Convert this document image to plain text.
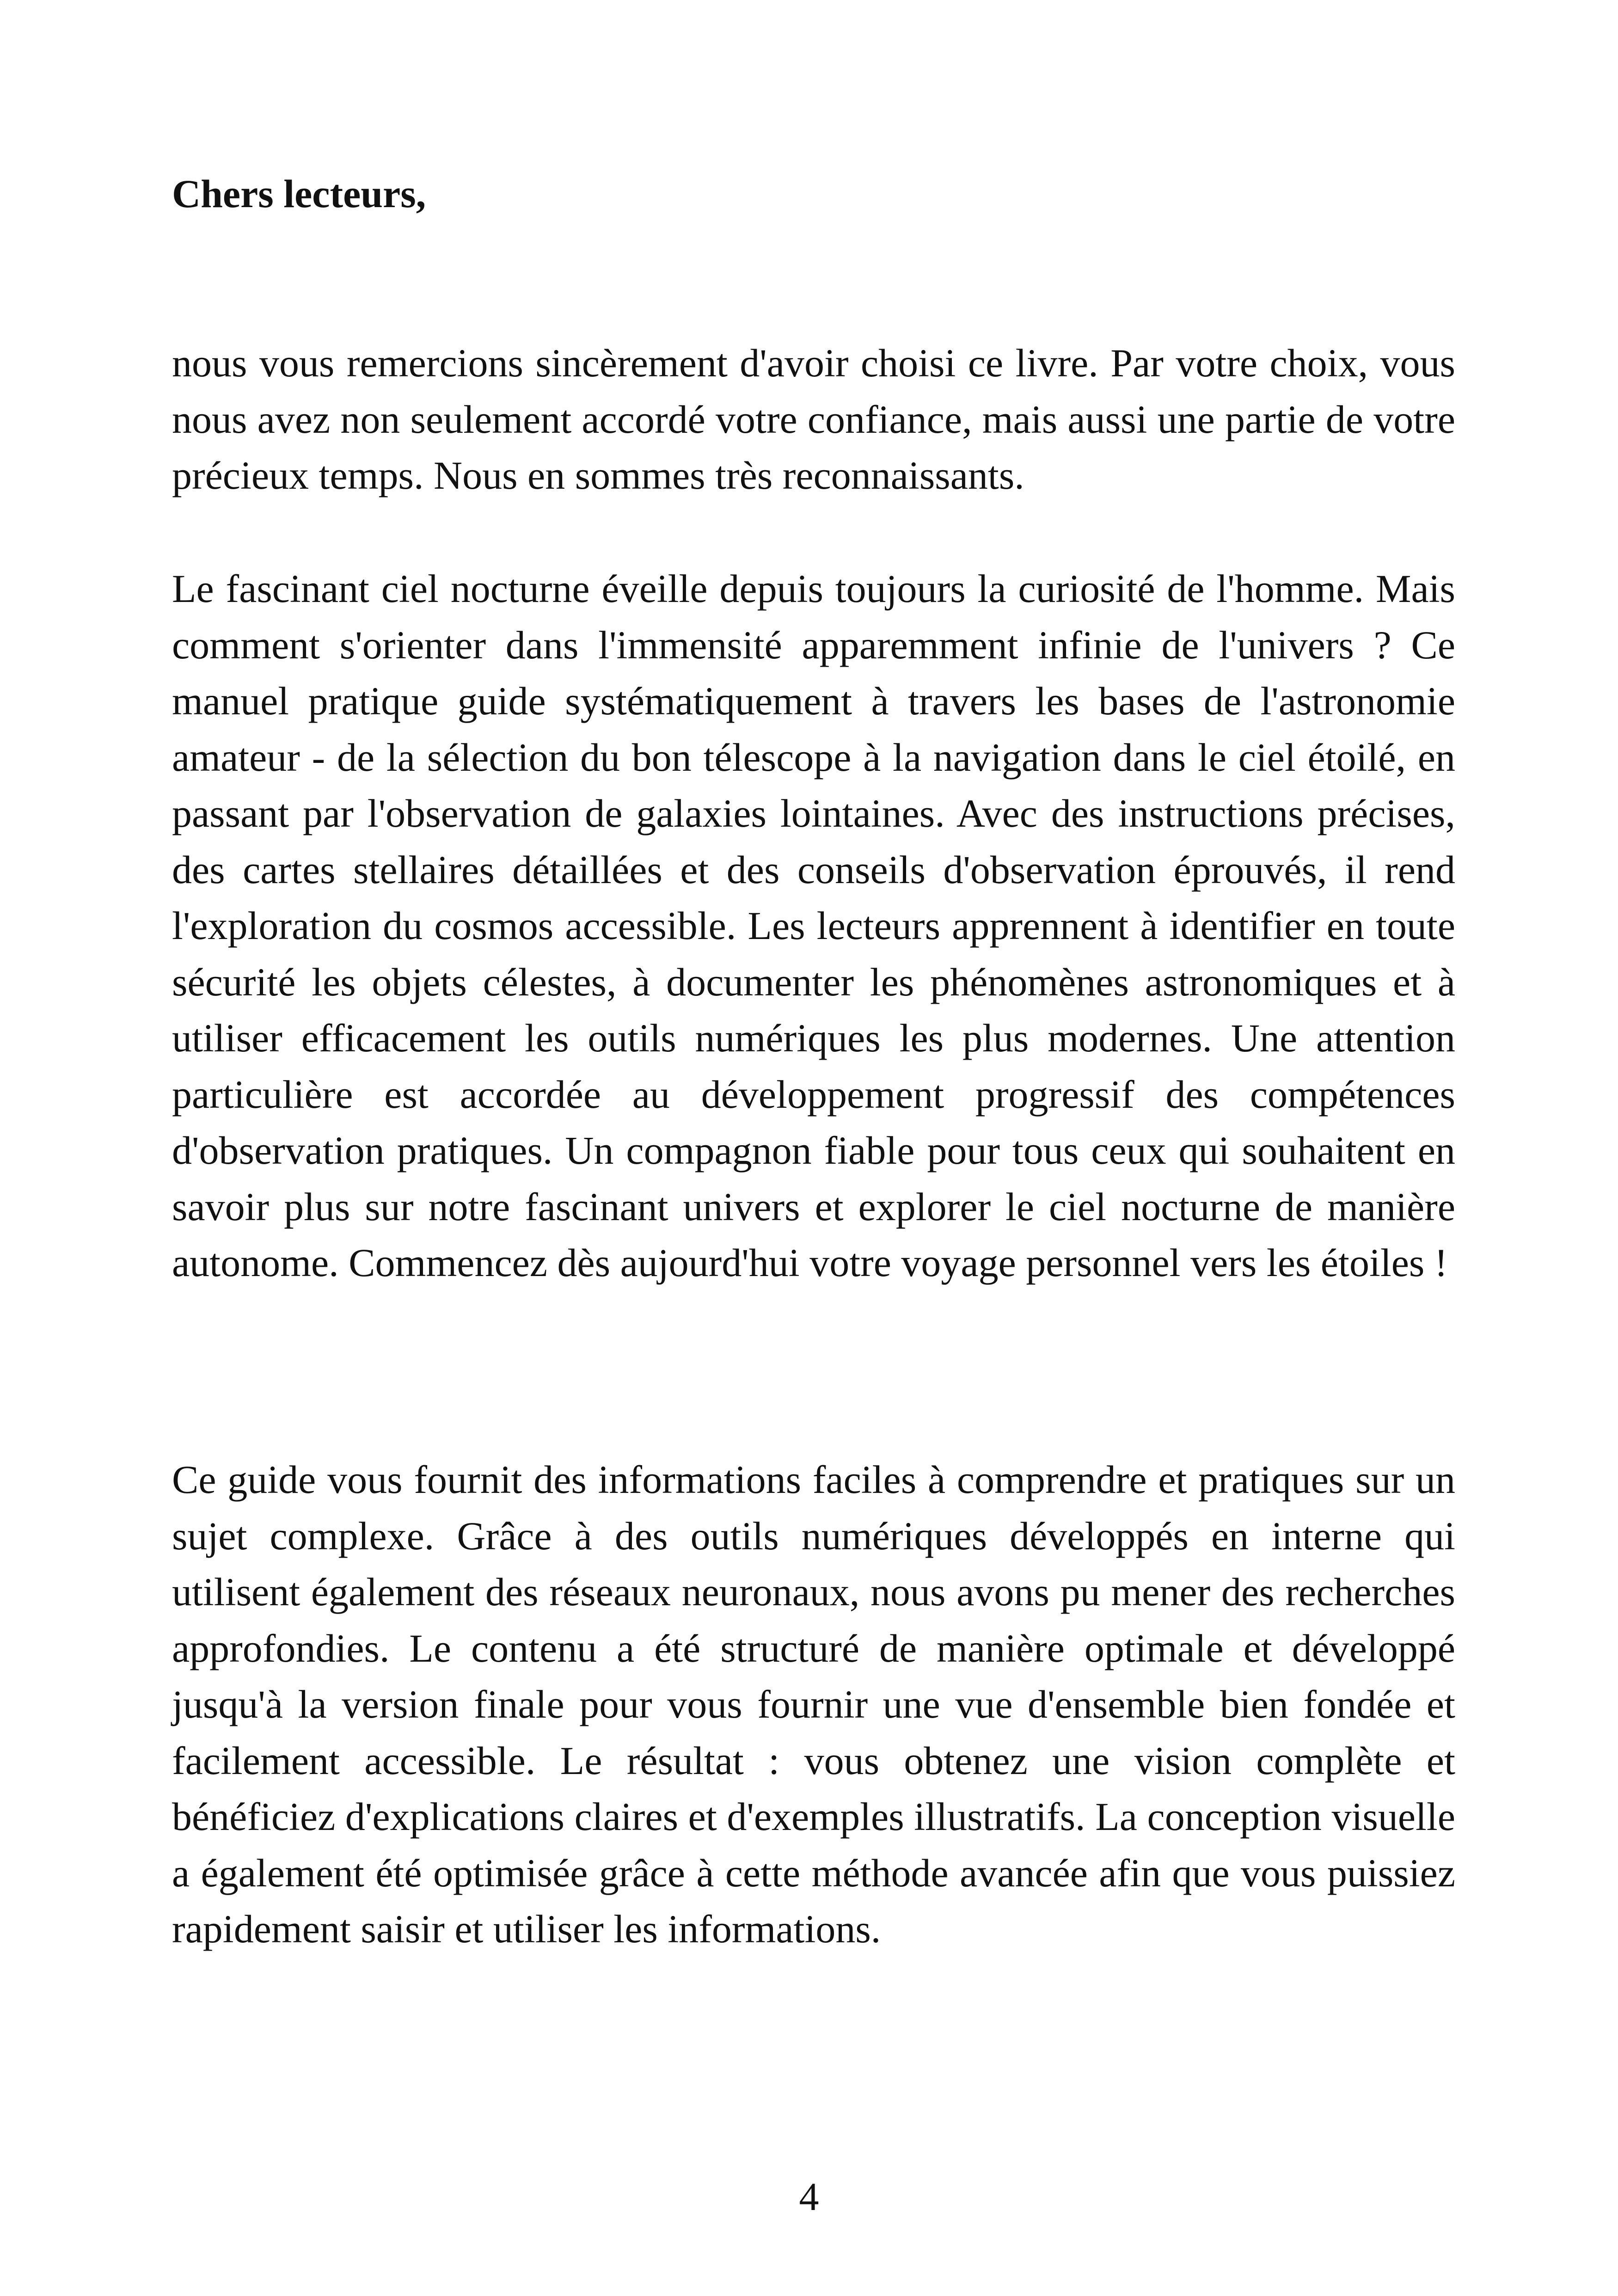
Chers lecteurs,

nous vous remercions sincèrement d'avoir choisi ce livre. Par votre choix, vous nous avez non seulement accordé votre confiance, mais aussi une partie de votre précieux temps. Nous en sommes très reconnaissants.

Le fascinant ciel nocturne éveille depuis toujours la curiosité de l'homme. Mais comment s'orienter dans l'immensité apparemment infinie de l'univers ? Ce manuel pratique guide systématiquement à travers les bases de l'astronomie amateur - de la sélection du bon télescope à la navigation dans le ciel étoilé, en passant par l'observation de galaxies lointaines. Avec des instructions précises, des cartes stellaires détaillées et des conseils d'observation éprouvés, il rend l'exploration du cosmos accessible. Les lecteurs apprennent à identifier en toute sécurité les objets célestes, à documenter les phénomènes astronomiques et à utiliser efficacement les outils numériques les plus modernes. Une attention particulière est accordée au développement progressif des compétences d'observation pratiques. Un compagnon fiable pour tous ceux qui souhaitent en savoir plus sur notre fascinant univers et explorer le ciel nocturne de manière autonome. Commencez dès aujourd'hui votre voyage personnel vers les étoiles !

Ce guide vous fournit des informations faciles à comprendre et pratiques sur un sujet complexe. Grâce à des outils numériques développés en interne qui utilisent également des réseaux neuronaux, nous avons pu mener des recherches approfondies. Le contenu a été structuré de manière optimale et développé jusqu'à la version finale pour vous fournir une vue d'ensemble bien fondée et facilement accessible. Le résultat : vous obtenez une vision complète et bénéficiez d'explications claires et d'exemples illustratifs. La conception visuelle a également été optimisée grâce à cette méthode avancée afin que vous puissiez rapidement saisir et utiliser les informations.

4
